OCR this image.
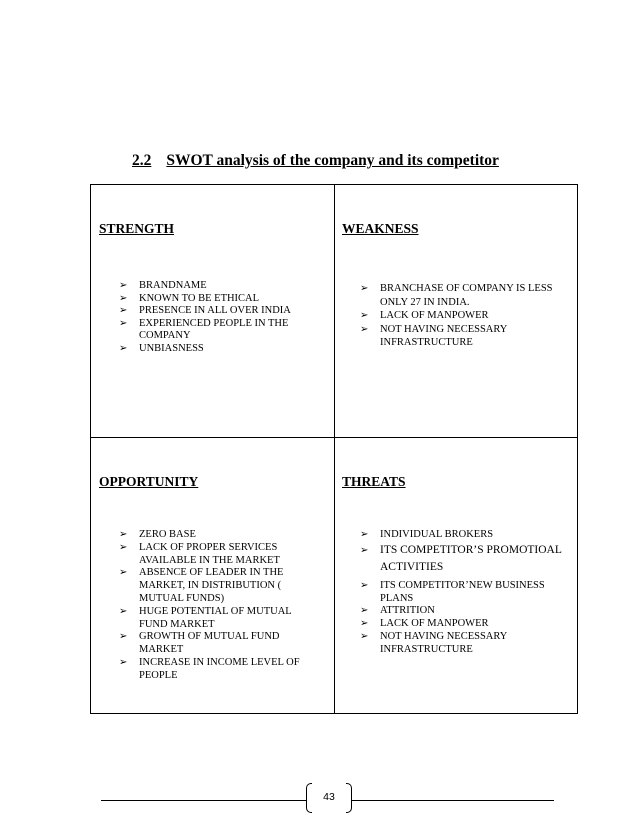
2.2 SWOT analysis of the company and its competitor
STRENGTH
➢ BRANDNAME
➢ KNOWN TO BE ETHICAL
➢ PRESENCE IN ALL OVER INDIA
➢ EXPERIENCED PEOPLE IN THE COMPANY
➢ UNBIASNESS
WEAKNESS
➢ BRANCHASE OF COMPANY IS LESS ONLY 27 IN INDIA.
➢ LACK OF MANPOWER
➢ NOT HAVING NECESSARY INFRASTRUCTURE
OPPORTUNITY
➢ ZERO BASE
➢ LACK OF PROPER SERVICES AVAILABLE IN THE MARKET
➢ ABSENCE OF LEADER IN THE MARKET, IN DISTRIBUTION ( MUTUAL FUNDS)
➢ HUGE POTENTIAL OF MUTUAL FUND MARKET
➢ GROWTH OF MUTUAL FUND MARKET
➢ INCREASE IN INCOME LEVEL OF PEOPLE
THREATS
➢ INDIVIDUAL BROKERS
➢ ITS COMPETITOR’S PROMOTIOAL ACTIVITIES
➢ ITS COMPETITOR’NEW BUSINESS PLANS
➢ ATTRITION
➢ LACK OF MANPOWER
➢ NOT HAVING NECESSARY INFRASTRUCTURE
43
